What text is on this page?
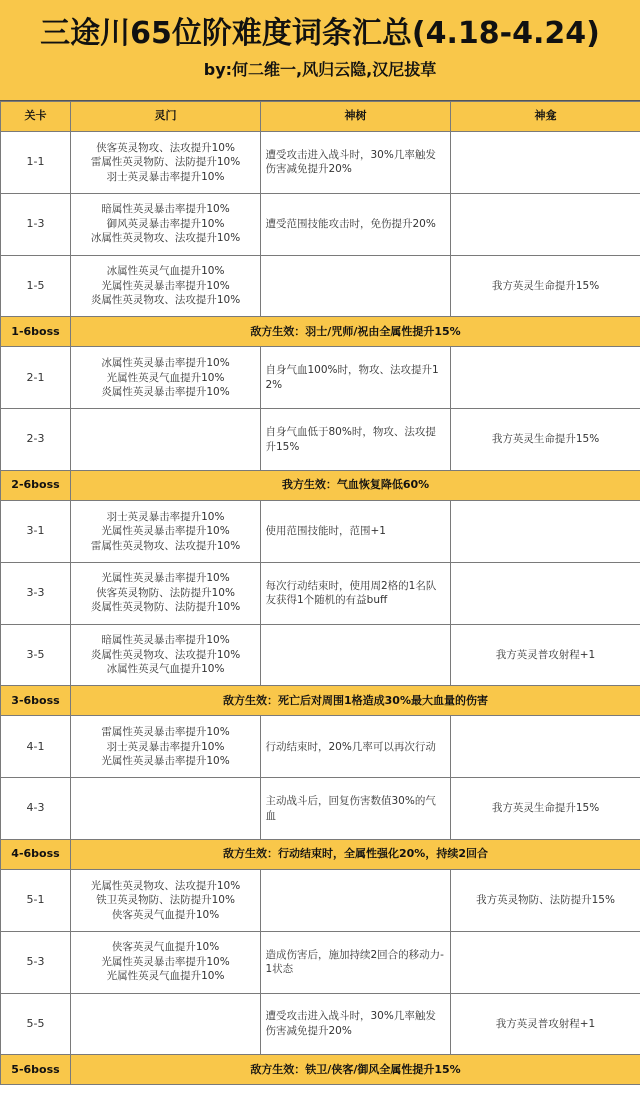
三途川65位阶难度词条汇总(4.18-4.24)
by:何二维一,风归云隐,汉尼拔草
关卡	灵门	神树	神龛
1-1	侠客英灵物攻、法攻提升10%
雷属性英灵物防、法防提升10%
羽士英灵暴击率提升10%	遭受攻击进入战斗时，30%几率触发伤害减免提升20%	
1-3	暗属性英灵暴击率提升10%
御风英灵暴击率提升10%
冰属性英灵物攻、法攻提升10%	遭受范围技能攻击时，免伤提升20%	
1-5	冰属性英灵气血提升10%
光属性英灵暴击率提升10%
炎属性英灵物攻、法攻提升10%		我方英灵生命提升15%
1-6boss	敌方生效：羽士/咒师/祝由全属性提升15%		
2-1	冰属性英灵暴击率提升10%
光属性英灵气血提升10%
炎属性英灵暴击率提升10%	自身气血100%时，物攻、法攻提升12%	
2-3		自身气血低于80%时，物攻、法攻提升15%	我方英灵生命提升15%
2-6boss	我方生效：气血恢复降低60%		
3-1	羽士英灵暴击率提升10%
光属性英灵暴击率提升10%
雷属性英灵物攻、法攻提升10%	使用范围技能时，范围+1	
3-3	光属性英灵暴击率提升10%
侠客英灵物防、法防提升10%
炎属性英灵物防、法防提升10%	每次行动结束时，使用周2格的1名队友获得1个随机的有益buff	
3-5	暗属性英灵暴击率提升10%
炎属性英灵物攻、法攻提升10%
冰属性英灵气血提升10%		我方英灵普攻射程+1
3-6boss	敌方生效：死亡后对周围1格造成30%最大血量的伤害		
4-1	雷属性英灵暴击率提升10%
羽士英灵暴击率提升10%
光属性英灵暴击率提升10%	行动结束时，20%几率可以再次行动	
4-3		主动战斗后，回复伤害数值30%的气血	我方英灵生命提升15%
4-6boss	敌方生效：行动结束时，全属性强化20%，持续2回合		
5-1	光属性英灵物攻、法攻提升10%
铁卫英灵物防、法防提升10%
侠客英灵气血提升10%		我方英灵物防、法防提升15%
5-3	侠客英灵气血提升10%
光属性英灵暴击率提升10%
光属性英灵气血提升10%	造成伤害后，施加持续2回合的移动力-1状态	
5-5		遭受攻击进入战斗时，30%几率触发伤害减免提升20%	我方英灵普攻射程+1
5-6boss	敌方生效：铁卫/侠客/御风全属性提升15%		
